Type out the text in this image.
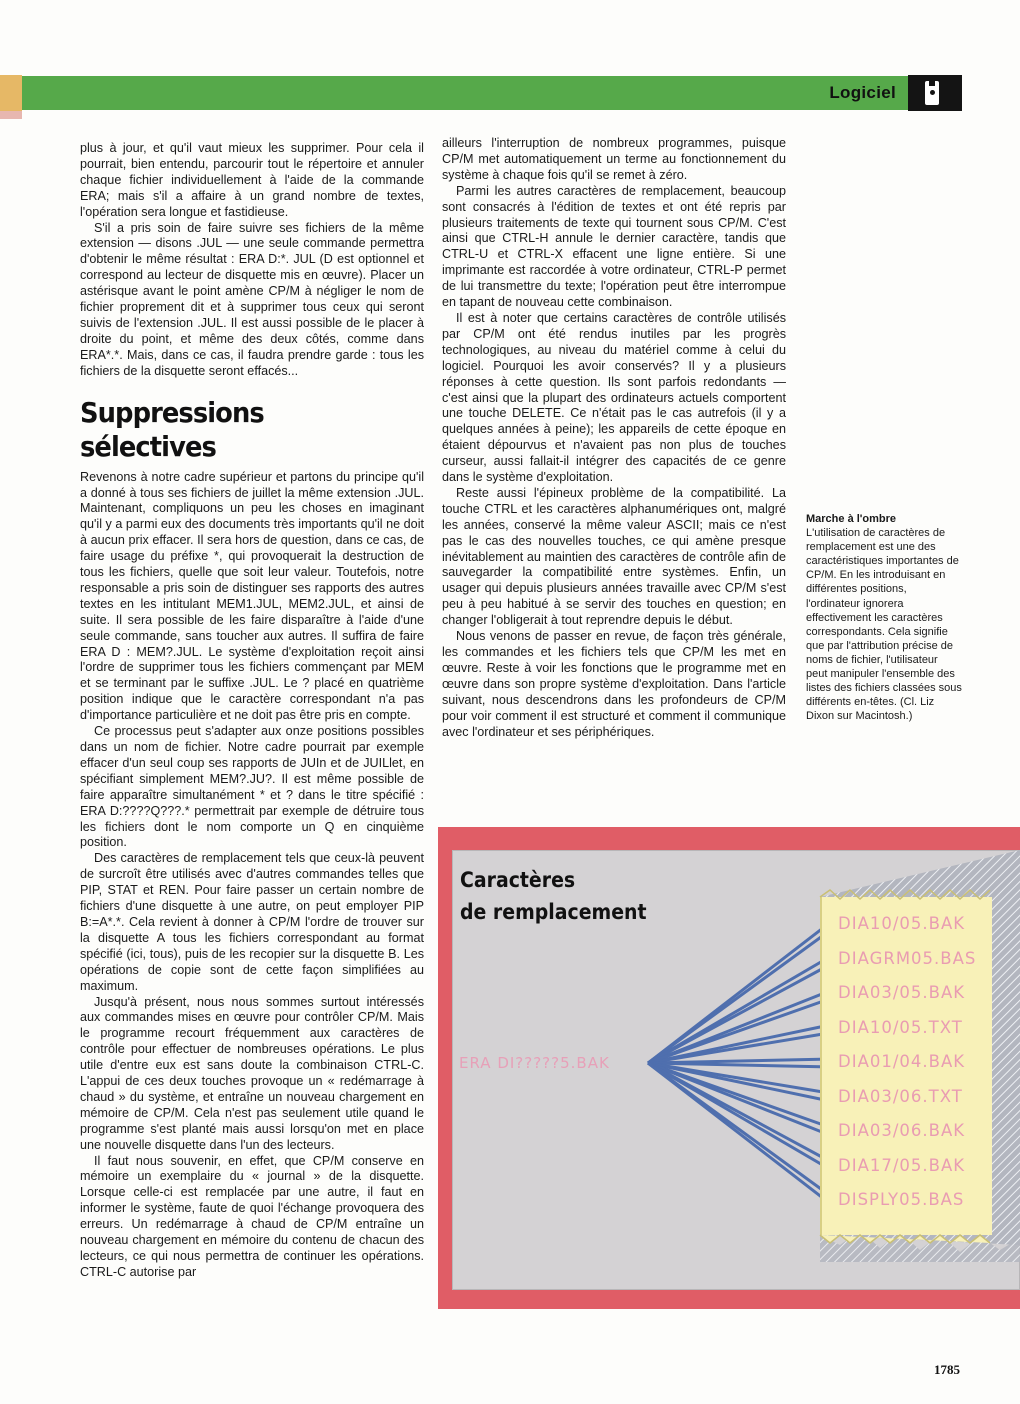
Logiciel

plus à jour, et qu'il vaut mieux les supprimer. Pour cela il pourrait, bien entendu, parcourir tout le répertoire et annuler chaque fichier individuellement à l'aide de la commande ERA; mais s'il a affaire à un grand nombre de textes, l'opération sera longue et fastidieuse.

S'il a pris soin de faire suivre ses fichiers de la même extension — disons .JUL — une seule commande permettra d'obtenir le même résultat : ERA D:*. JUL (D est optionnel et correspond au lecteur de disquette mis en œuvre). Placer un astérisque avant le point amène CP/M à négliger le nom de fichier proprement dit et à supprimer tous ceux qui seront suivis de l'extension .JUL. Il est aussi possible de le placer à droite du point, et même des deux côtés, comme dans ERA*.*. Mais, dans ce cas, il faudra prendre garde : tous les fichiers de la disquette seront effacés...

Suppressions sélectives

Revenons à notre cadre supérieur et partons du principe qu'il a donné à tous ses fichiers de juillet la même extension .JUL. Maintenant, compliquons un peu les choses en imaginant qu'il y a parmi eux des documents très importants qu'il ne doit à aucun prix effacer. Il sera hors de question, dans ce cas, de faire usage du préfixe *, qui provoquerait la destruction de tous les fichiers, quelle que soit leur valeur. Toutefois, notre responsable a pris soin de distinguer ses rapports des autres textes en les intitulant MEM1.JUL, MEM2.JUL, et ainsi de suite. Il sera possible de les faire disparaître à l'aide d'une seule commande, sans toucher aux autres. Il suffira de faire ERA D : MEM?.JUL. Le système d'exploitation reçoit ainsi l'ordre de supprimer tous les fichiers commençant par MEM et se terminant par le suffixe .JUL. Le ? placé en quatrième position indique que le caractère correspondant n'a pas d'importance particulière et ne doit pas être pris en compte.

Ce processus peut s'adapter aux onze positions possibles dans un nom de fichier. Notre cadre pourrait par exemple effacer d'un seul coup ses rapports de JUIn et de JUILlet, en spécifiant simplement MEM?.JU?. Il est même possible de faire apparaître simultanément * et ? dans le titre spécifié : ERA D:????Q???.* permettrait par exemple de détruire tous les fichiers dont le nom comporte un Q en cinquième position.

Des caractères de remplacement tels que ceux-là peuvent de surcroît être utilisés avec d'autres commandes telles que PIP, STAT et REN. Pour faire passer un certain nombre de fichiers d'une disquette à une autre, on peut employer PIP B:=A*.*. Cela revient à donner à CP/M l'ordre de trouver sur la disquette A tous les fichiers correspondant au format spécifié (ici, tous), puis de les recopier sur la disquette B. Les opérations de copie sont de cette façon simplifiées au maximum.

Jusqu'à présent, nous nous sommes surtout intéressés aux commandes mises en œuvre pour contrôler CP/M. Mais le programme recourt fréquemment aux caractères de contrôle pour effectuer de nombreuses opérations. Le plus utile d'entre eux est sans doute la combinaison CTRL-C. L'appui de ces deux touches provoque un « redémarrage à chaud » du système, et entraîne un nouveau chargement en mémoire de CP/M. Cela n'est pas seulement utile quand le programme s'est planté mais aussi lorsqu'on met en place une nouvelle disquette dans l'un des lecteurs.

Il faut nous souvenir, en effet, que CP/M conserve en mémoire un exemplaire du « journal » de la disquette. Lorsque celle-ci est remplacée par une autre, il faut en informer le système, faute de quoi l'échange provoquera des erreurs. Un redémarrage à chaud de CP/M entraîne un nouveau chargement en mémoire du contenu de chacun des lecteurs, ce qui nous permettra de continuer les opérations. CTRL-C autorise par

ailleurs l'interruption de nombreux programmes, puisque CP/M met automatiquement un terme au fonctionnement du système à chaque fois qu'il se remet à zéro.

Parmi les autres caractères de remplacement, beaucoup sont consacrés à l'édition de textes et ont été repris par plusieurs traitements de texte qui tournent sous CP/M. C'est ainsi que CTRL-H annule le dernier caractère, tandis que CTRL-U et CTRL-X effacent une ligne entière. Si une imprimante est raccordée à votre ordinateur, CTRL-P permet de lui transmettre du texte; l'opération peut être interrompue en tapant de nouveau cette combinaison.

Il est à noter que certains caractères de contrôle utilisés par CP/M ont été rendus inutiles par les progrès technologiques, au niveau du matériel comme à celui du logiciel. Pourquoi les avoir conservés? Il y a plusieurs réponses à cette question. Ils sont parfois redondants — c'est ainsi que la plupart des ordinateurs actuels comportent une touche DELETE. Ce n'était pas le cas autrefois (il y a quelques années à peine); les appareils de cette époque en étaient dépourvus et n'avaient pas non plus de touches curseur, aussi fallait-il intégrer des capacités de ce genre dans le système d'exploitation.

Reste aussi l'épineux problème de la compatibilité. La touche CTRL et les caractères alphanumériques ont, malgré les années, conservé la même valeur ASCII; mais ce n'est pas le cas des nouvelles touches, ce qui amène presque inévitablement au maintien des caractères de contrôle afin de sauvegarder la compatibilité entre systèmes. Enfin, un usager qui depuis plusieurs années travaille avec CP/M s'est peu à peu habitué à se servir des touches en question; en changer l'obligerait à tout reprendre depuis le début.

Nous venons de passer en revue, de façon très générale, les commandes et les fichiers tels que CP/M les met en œuvre. Reste à voir les fonctions que le programme met en œuvre dans son propre système d'exploitation. Dans l'article suivant, nous descendrons dans les profondeurs de CP/M pour voir comment il est structuré et comment il communique avec l'ordinateur et ses périphériques.

Marche à l'ombre
L'utilisation de caractères de remplacement est une des caractéristiques importantes de CP/M. En les introduisant en différentes positions, l'ordinateur ignorera effectivement les caractères correspondants. Cela signifie que par l'attribution précise de noms de fichier, l'utilisateur peut manipuler l'ensemble des listes des fichiers classées sous différents en-têtes. (Cl. Liz Dixon sur Macintosh.)
Caractères
de remplacement
ERA DI?????5.BAK
DIA10/05.BAK
DIAGRM05.BAS
DIA03/05.BAK
DIA10/05.TXT
DIA01/04.BAK
DIA03/06.TXT
DIA03/06.BAK
DIA17/05.BAK
DISPLY05.BAS
1785
